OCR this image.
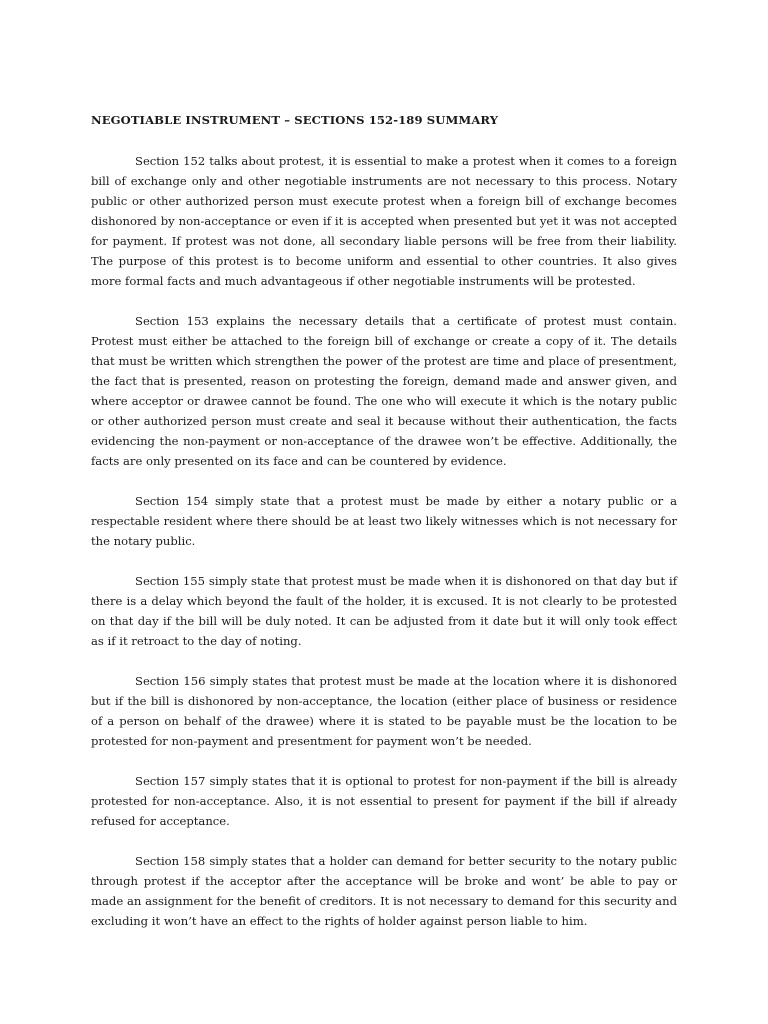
NEGOTIABLE INSTRUMENT – SECTIONS 152-189 SUMMARY

Section 152 talks about protest, it is essential to make a protest when it comes to a foreign bill of exchange only and other negotiable instruments are not necessary to this process. Notary public or other authorized person must execute protest when a foreign bill of exchange becomes dishonored by non-acceptance or even if it is accepted when presented but yet it was not accepted for payment. If protest was not done, all secondary liable persons will be free from their liability. The purpose of this protest is to become uniform and essential to other countries. It also gives more formal facts and much advantageous if other negotiable instruments will be protested.

Section 153 explains the necessary details that a certificate of protest must contain. Protest must either be attached to the foreign bill of exchange or create a copy of it. The details that must be written which strengthen the power of the protest are time and place of presentment, the fact that is presented, reason on protesting the foreign, demand made and answer given, and where acceptor or drawee cannot be found. The one who will execute it which is the notary public or other authorized person must create and seal it because without their authentication, the facts evidencing the non-payment or non-acceptance of the drawee won’t be effective. Additionally, the facts are only presented on its face and can be countered by evidence.

Section 154 simply state that a protest must be made by either a notary public or a respectable resident where there should be at least two likely witnesses which is not necessary for the notary public.

Section 155 simply state that protest must be made when it is dishonored on that day but if there is a delay which beyond the fault of the holder, it is excused. It is not clearly to be protested on that day if the bill will be duly noted. It can be adjusted from it date but it will only took effect as if it retroact to the day of noting.

Section 156 simply states that protest must be made at the location where it is dishonored but if the bill is dishonored by non-acceptance, the location (either place of business or residence of a person on behalf of the drawee) where it is stated to be payable must be the location to be protested for non-payment and presentment for payment won’t be needed.

Section 157 simply states that it is optional to protest for non-payment if the bill is already protested for non-acceptance. Also, it is not essential to present for payment if the bill if already refused for acceptance.

Section 158 simply states that a holder can demand for better security to the notary public through protest if the acceptor after the acceptance will be broke and wont’ be able to pay or made an assignment for the benefit of creditors. It is not necessary to demand for this security and excluding it won’t have an effect to the rights of holder against person liable to him.
